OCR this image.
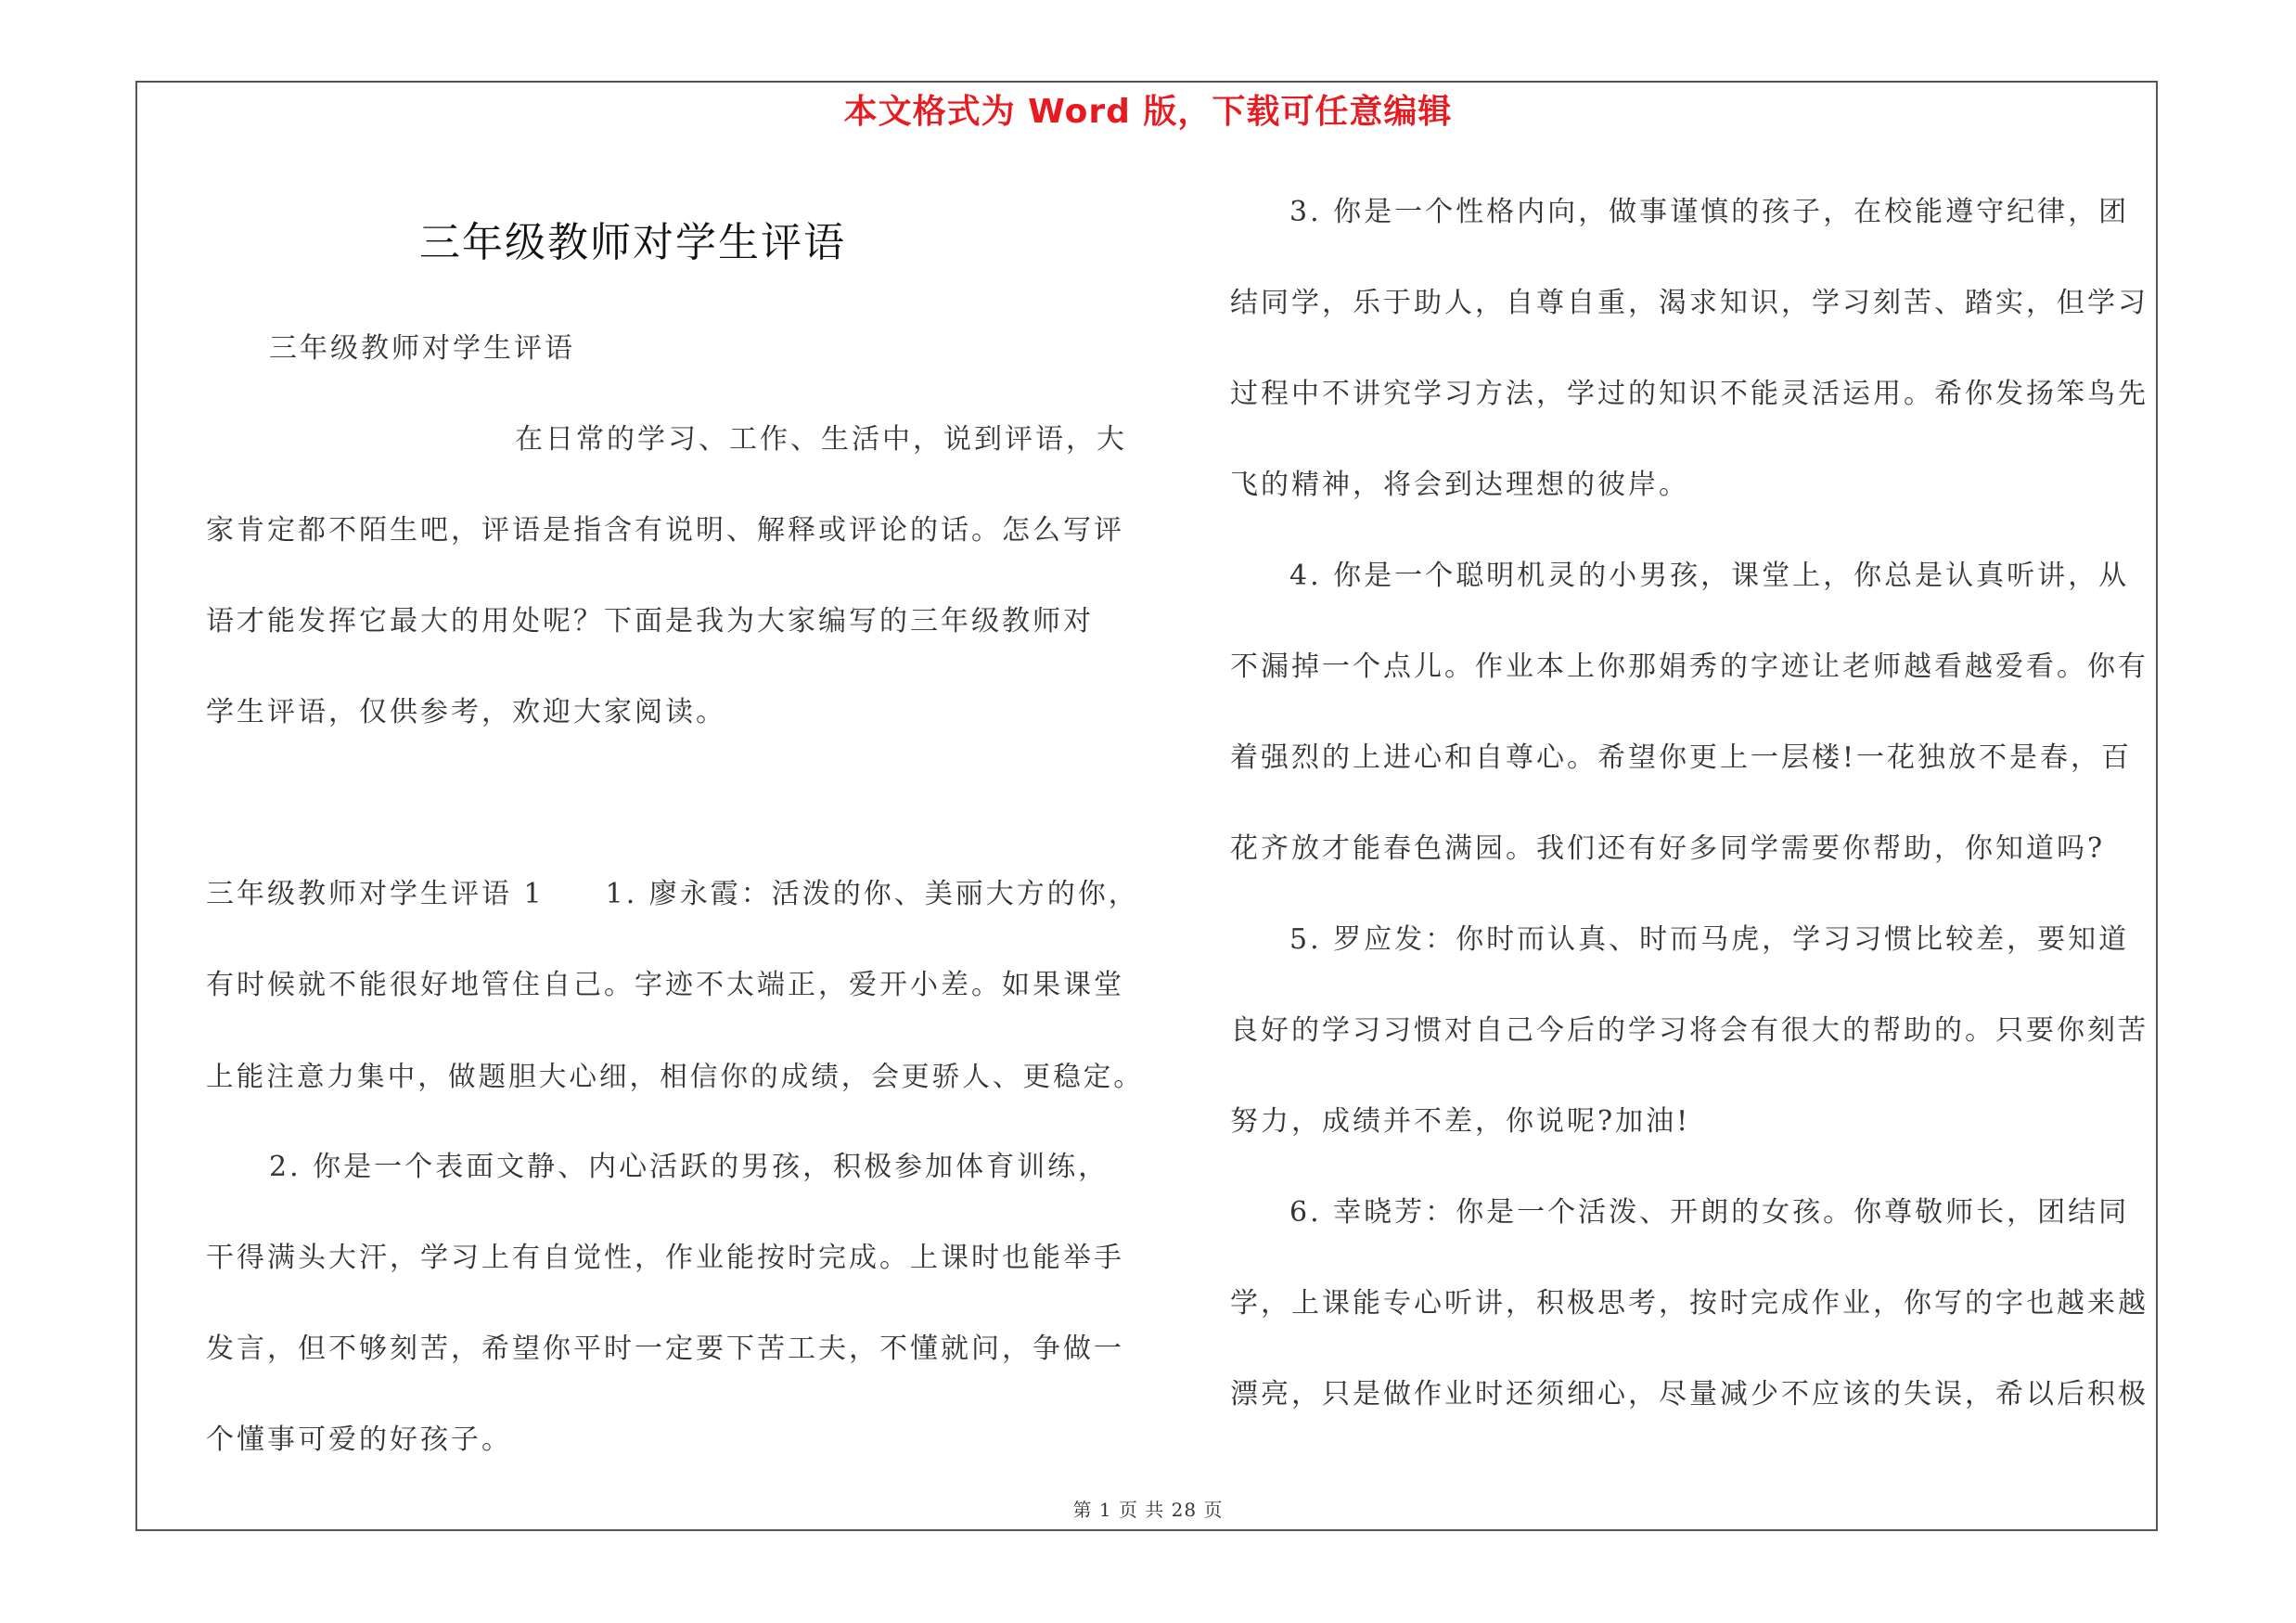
本文格式为 Word 版，下载可任意编辑
三年级教师对学生评语
三年级教师对学生评语
在日常的学习、工作、生活中，说到评语，大
家肯定都不陌生吧，评语是指含有说明、解释或评论的话。怎么写评
语才能发挥它最大的用处呢？下面是我为大家编写的三年级教师对
学生评语，仅供参考，欢迎大家阅读。
三年级教师对学生评语 1　　1. 廖永霞：活泼的你、美丽大方的你，
有时候就不能很好地管住自己。字迹不太端正，爱开小差。如果课堂
上能注意力集中，做题胆大心细，相信你的成绩，会更骄人、更稳定。
2. 你是一个表面文静、内心活跃的男孩，积极参加体育训练，
干得满头大汗，学习上有自觉性，作业能按时完成。上课时也能举手
发言，但不够刻苦，希望你平时一定要下苦工夫，不懂就问，争做一
个懂事可爱的好孩子。
3. 你是一个性格内向，做事谨慎的孩子，在校能遵守纪律，团
结同学，乐于助人，自尊自重，渴求知识，学习刻苦、踏实，但学习
过程中不讲究学习方法，学过的知识不能灵活运用。希你发扬笨鸟先
飞的精神，将会到达理想的彼岸。
4. 你是一个聪明机灵的小男孩，课堂上，你总是认真听讲，从
不漏掉一个点儿。作业本上你那娟秀的字迹让老师越看越爱看。你有
着强烈的上进心和自尊心。希望你更上一层楼!一花独放不是春，百
花齐放才能春色满园。我们还有好多同学需要你帮助，你知道吗?
5. 罗应发：你时而认真、时而马虎，学习习惯比较差，要知道
良好的学习习惯对自己今后的学习将会有很大的帮助的。只要你刻苦
努力，成绩并不差，你说呢?加油!
6. 幸晓芳：你是一个活泼、开朗的女孩。你尊敬师长，团结同
学，上课能专心听讲，积极思考，按时完成作业，你写的字也越来越
漂亮，只是做作业时还须细心，尽量减少不应该的失误，希以后积极
第 1 页 共 28 页
